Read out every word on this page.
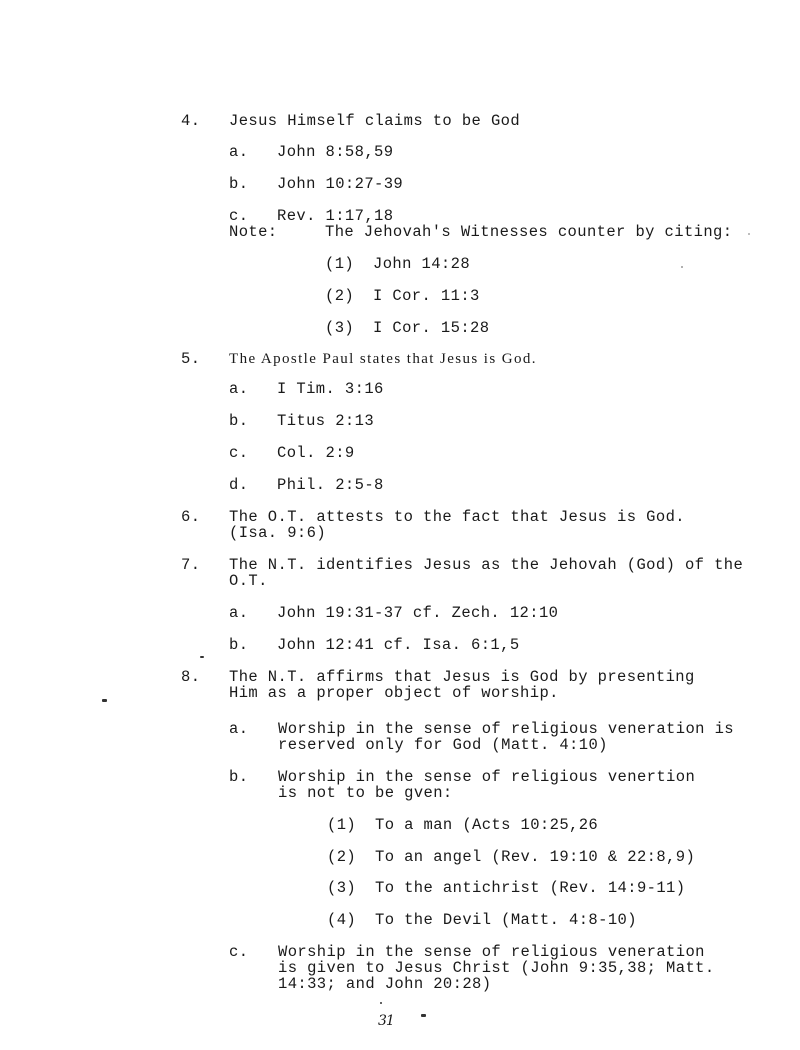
4. Jesus Himself claims to be God
a. John 8:58,59
b. John 10:27-39
c. Rev. 1:17,18
Note:	The Jehovah's Witnesses counter by citing:
(1) John 14:28
(2) I Cor. 11:3
(3) I Cor. 15:28
5. The Apostle Paul states that Jesus is God.
a. I Tim. 3:16
b. Titus 2:13
c. Col. 2:9
d. Phil. 2:5-8
6. The O.T. attests to the fact that Jesus is God.
(Isa. 9:6)
7. The N.T. identifies Jesus as the Jehovah (God) of the
O.T.
a. John 19:31-37 cf. Zech. 12:10
b. John 12:41 cf. Isa. 6:1,5
8. The N.T. affirms that Jesus is God by presenting
Him as a proper object of worship.
a. Worship in the sense of religious veneration is
reserved only for God (Matt. 4:10)
b. Worship in the sense of religious venertion
is not to be gven:
(1) To a man (Acts 10:25,26
(2) To an angel (Rev. 19:10 & 22:8,9)
(3) To the antichrist (Rev. 14:9-11)
(4) To the Devil (Matt. 4:8-10)
c. Worship in the sense of religious veneration
is given to Jesus Christ (John 9:35,38; Matt.
14:33; and John 20:28)
31
